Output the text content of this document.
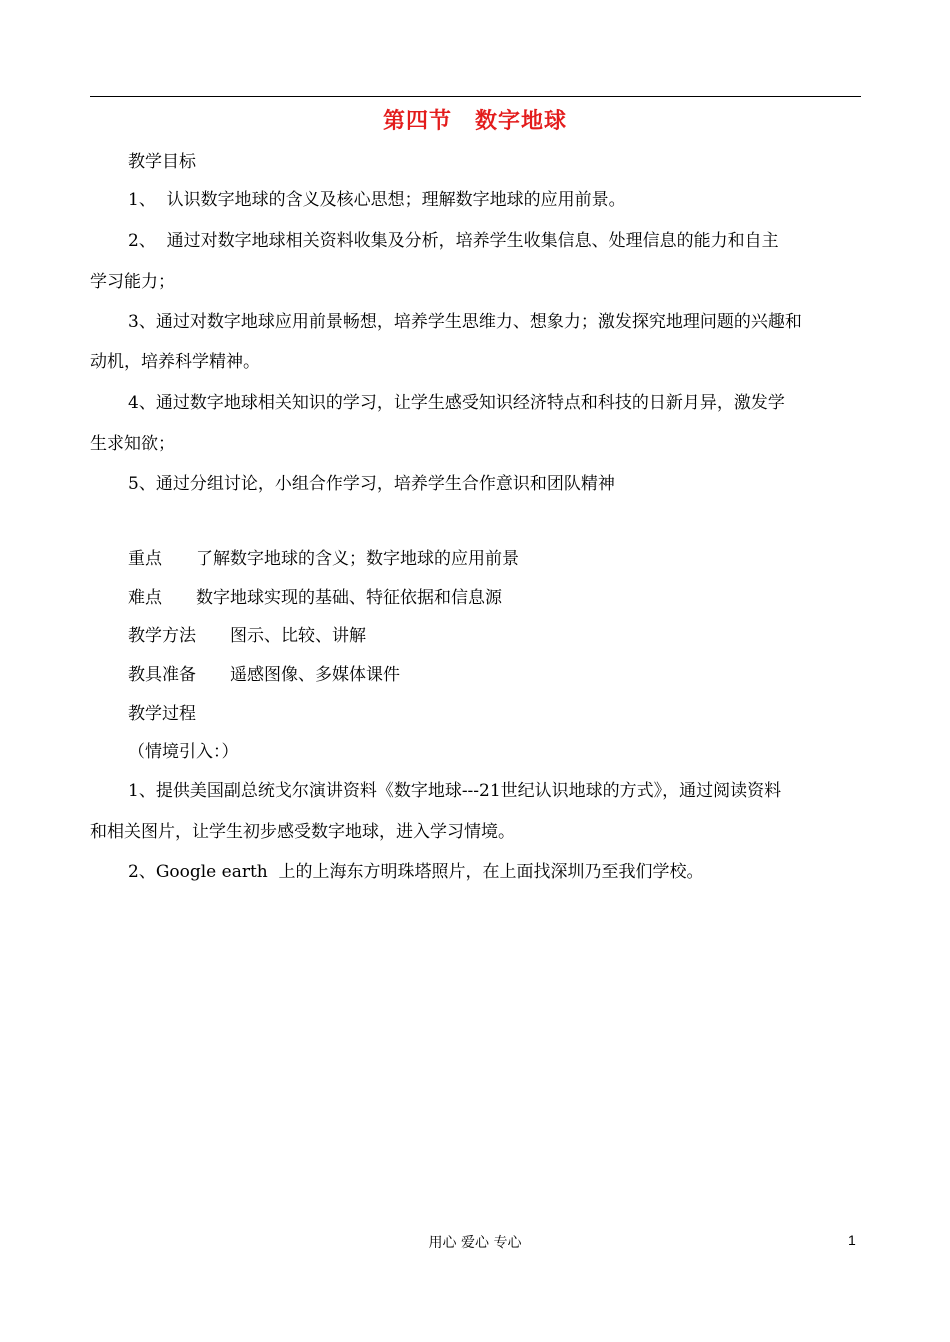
第四节　数字地球
教学目标
1、  认识数字地球的含义及核心思想；理解数字地球的应用前景。
2、  通过对数字地球相关资料收集及分析，培养学生收集信息、处理信息的能力和自主
学习能力；
3、通过对数字地球应用前景畅想，培养学生思维力、想象力；激发探究地理问题的兴趣和
动机，培养科学精神。
4、通过数字地球相关知识的学习，让学生感受知识经济特点和科技的日新月异，激发学
生求知欲；
5、通过分组讨论，小组合作学习，培养学生合作意识和团队精神
重点　　了解数字地球的含义；数字地球的应用前景
难点　　数字地球实现的基础、特征依据和信息源
教学方法　　图示、比较、讲解
教具准备　　遥感图像、多媒体课件
教学过程
（情境引入：）
1、提供美国副总统戈尔演讲资料《数字地球---21世纪认识地球的方式》，通过阅读资料
和相关图片，让学生初步感受数字地球，进入学习情境。
2、Google earth  上的上海东方明珠塔照片，在上面找深圳乃至我们学校。
用心 爱心 专心	1
